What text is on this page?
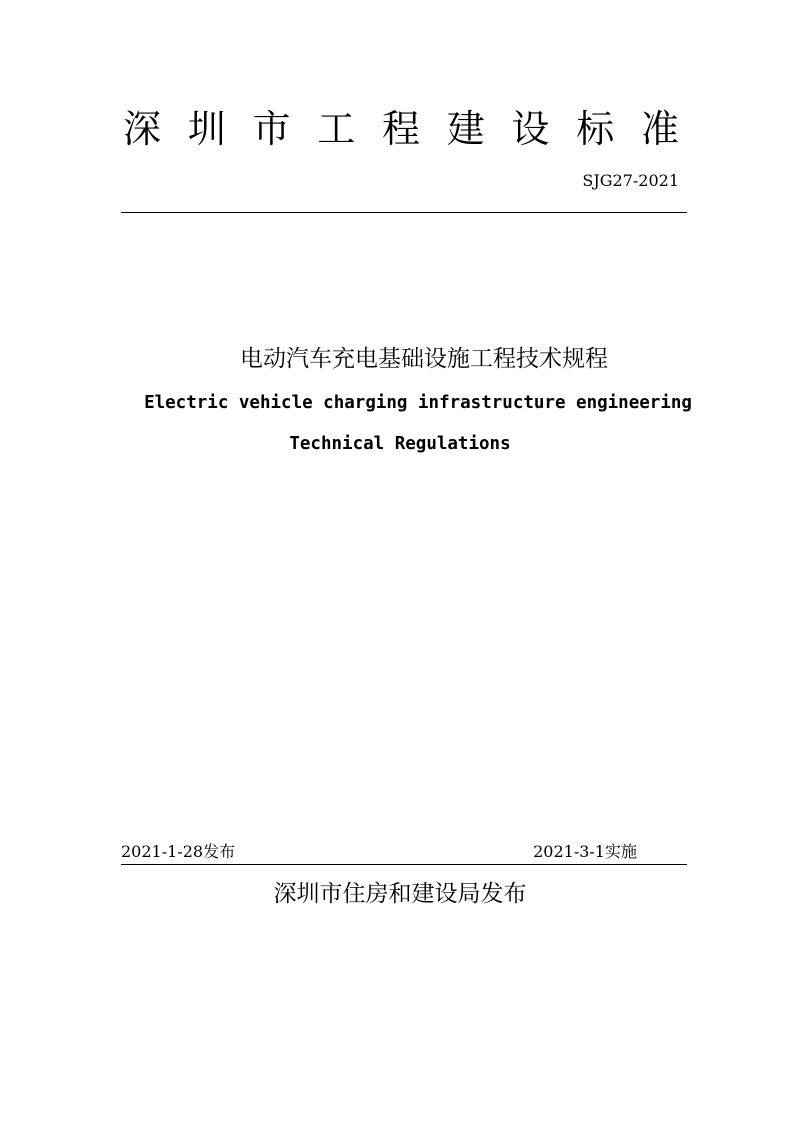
深 圳 市 工 程 建 设 标 准
SJG27-2021
电动汽车充电基础设施工程技术规程
Electric vehicle charging infrastructure engineering
Technical Regulations
2021-1-28发布	2021-3-1实施
深圳市住房和建设局发布
